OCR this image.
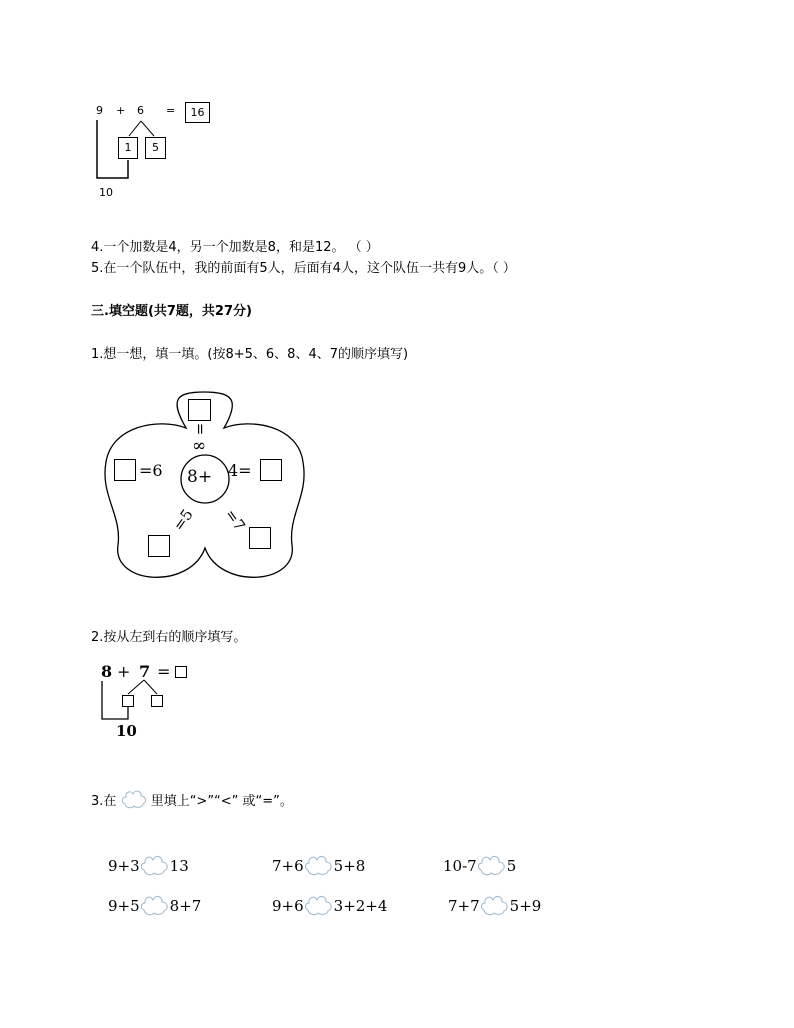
9 + 6 =	16
1	5
10
4.一个加数是4，另一个加数是8，和是12。 （ ）
5.在一个队伍中，我的前面有5人，后面有4人，这个队伍一共有9人。（ ）
三.填空题(共7题，共27分)
1.想一想，填一填。(按8+5、6、8、4、7的顺序填写)
8+
=
∞
=6	4=
=5 =7
2.按从左到右的顺序填写。
8 + 7 =
10
3.在	里填上“>”“<” 或“=”。
9+3 13	7+6 5+8	10-7 5
9+5 8+7	9+6 3+2+4	7+7 5+9
